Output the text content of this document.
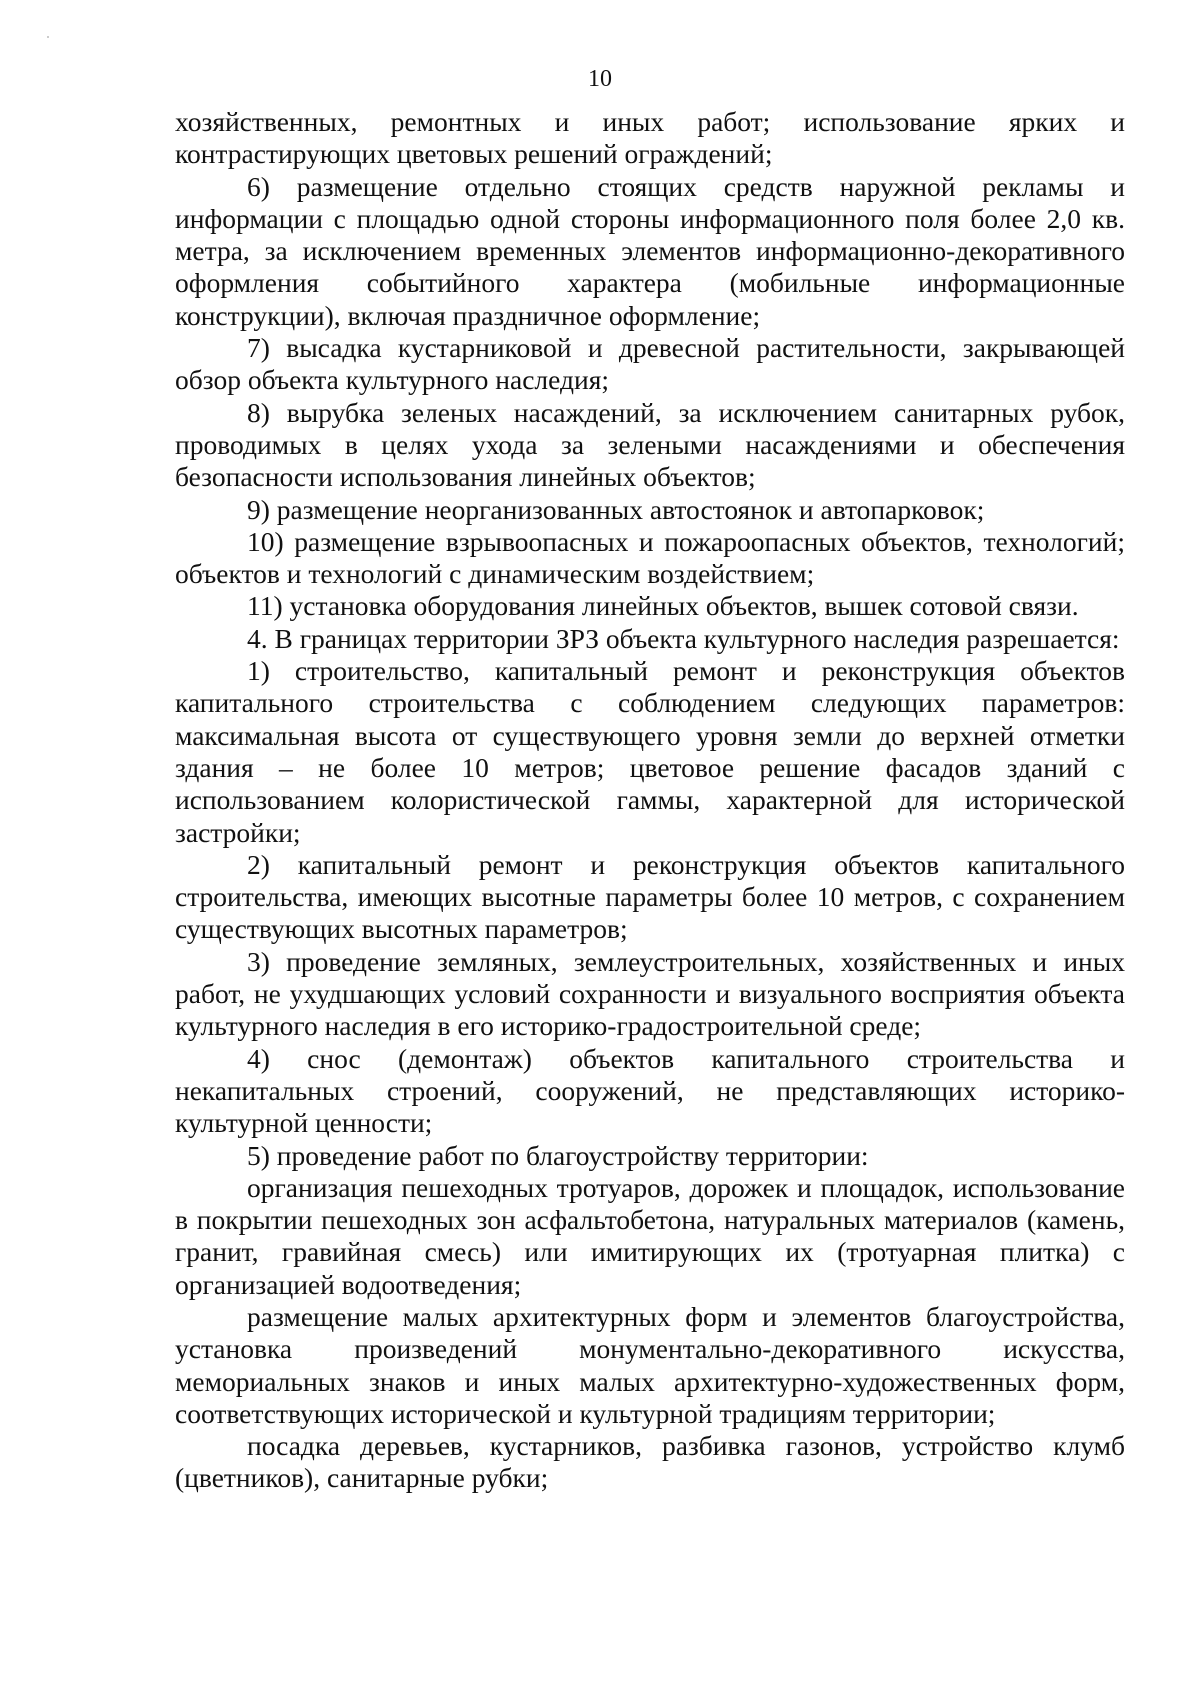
10

хозяйственных, ремонтных и иных работ; использование ярких и контрастирующих цветовых решений ограждений;

6) размещение отдельно стоящих средств наружной рекламы и информации с площадью одной стороны информационного поля более 2,0 кв. метра, за исключением временных элементов информационно-декоративного оформления событийного характера (мобильные информационные конструкции), включая праздничное оформление;

7) высадка кустарниковой и древесной растительности, закрывающей обзор объекта культурного наследия;

8) вырубка зеленых насаждений, за исключением санитарных рубок, проводимых в целях ухода за зелеными насаждениями и обеспечения безопасности использования линейных объектов;

9) размещение неорганизованных автостоянок и автопарковок;

10) размещение взрывоопасных и пожароопасных объектов, технологий; объектов и технологий с динамическим воздействием;

11) установка оборудования линейных объектов, вышек сотовой связи.

4. В границах территории ЗРЗ объекта культурного наследия разрешается:

1) строительство, капитальный ремонт и реконструкция объектов капитального строительства с соблюдением следующих параметров: максимальная высота от существующего уровня земли до верхней отметки здания – не более 10 метров; цветовое решение фасадов зданий с использованием колористической гаммы, характерной для исторической застройки;

2) капитальный ремонт и реконструкция объектов капитального строительства, имеющих высотные параметры более 10 метров, с сохранением существующих высотных параметров;

3) проведение земляных, землеустроительных, хозяйственных и иных работ, не ухудшающих условий сохранности и визуального восприятия объекта культурного наследия в его историко-градостроительной среде;

4) снос (демонтаж) объектов капитального строительства и некапитальных строений, сооружений, не представляющих историко-культурной ценности;

5) проведение работ по благоустройству территории:

организация пешеходных тротуаров, дорожек и площадок, использование в покрытии пешеходных зон асфальтобетона, натуральных материалов (камень, гранит, гравийная смесь) или имитирующих их (тротуарная плитка) с организацией водоотведения;

размещение малых архитектурных форм и элементов благоустройства, установка произведений монументально-декоративного искусства, мемориальных знаков и иных малых архитектурно-художественных форм, соответствующих исторической и культурной традициям территории;

посадка деревьев, кустарников, разбивка газонов, устройство клумб (цветников), санитарные рубки;
